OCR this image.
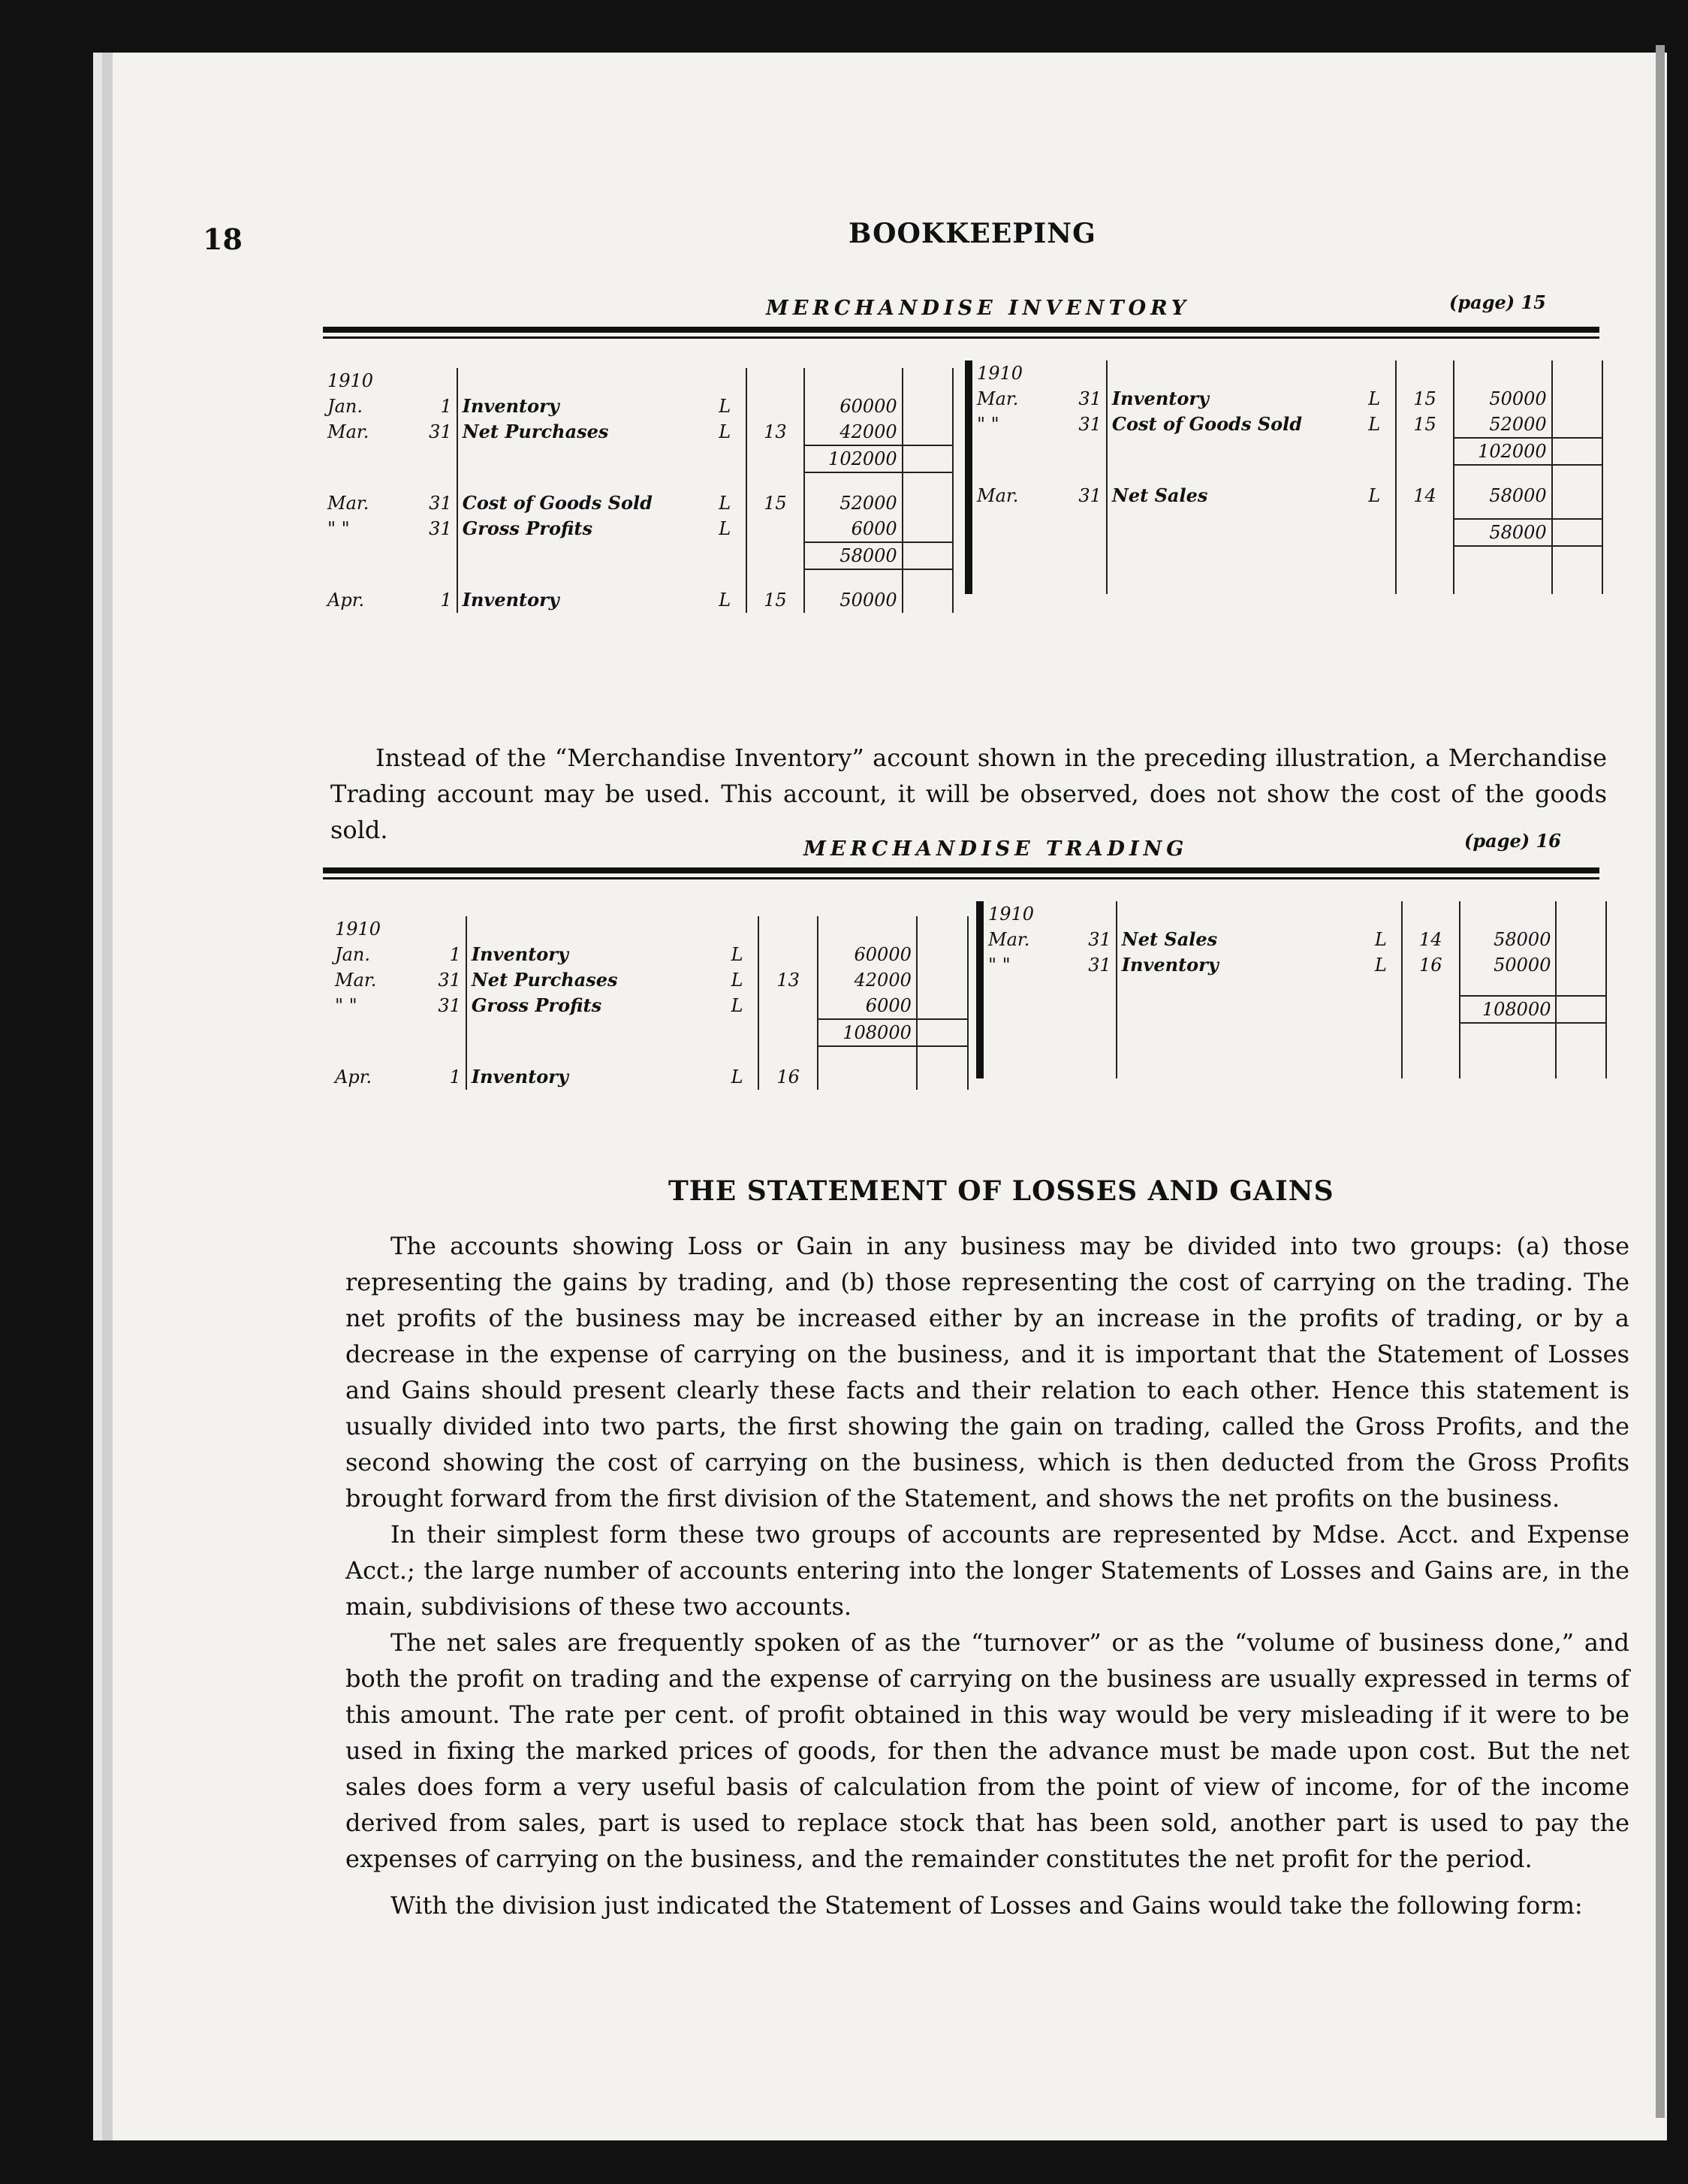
18	BOOKKEEPING
MERCHANDISE INVENTORY	(page) 15
1910						
Jan.	1	Inventory	L		60000	
Mar.	31	Net Purchases	L	13	42000	
					102000	

Mar.	31	Cost of Goods Sold	L	15	52000	
" "	31	Gross Profits	L		6000	
					58000	

Apr.	1	Inventory	L	15	50000	
1910						
Mar.	31	Inventory	L	15	50000	
" "	31	Cost of Goods Sold	L	15	52000	
					102000	

Mar.	31	Net Sales	L	14	58000	

					58000	

Instead of the “Merchandise Inventory” account shown in the preceding illustration, a Merchandise Trading account may be used. This account, it will be observed, does not show the cost of the goods sold.

MERCHANDISE TRADING	(page) 16
1910						
Jan.	1	Inventory	L		60000	
Mar.	31	Net Purchases	L	13	42000	
" "	31	Gross Profits	L		6000	
					108000	

Apr.	1	Inventory	L	16		
1910						
Mar.	31	Net Sales	L	14	58000	
" "	31	Inventory	L	16	50000	

					108000	

THE STATEMENT OF LOSSES AND GAINS

The accounts showing Loss or Gain in any business may be divided into two groups: (a) those representing the gains by trading, and (b) those representing the cost of carrying on the trading. The net profits of the business may be increased either by an increase in the profits of trading, or by a decrease in the expense of carrying on the business, and it is important that the Statement of Losses and Gains should present clearly these facts and their relation to each other. Hence this statement is usually divided into two parts, the first showing the gain on trading, called the Gross Profits, and the second showing the cost of carrying on the business, which is then deducted from the Gross Profits brought forward from the first division of the Statement, and shows the net profits on the business.

In their simplest form these two groups of accounts are represented by Mdse. Acct. and Expense Acct.; the large number of accounts entering into the longer Statements of Losses and Gains are, in the main, subdivisions of these two accounts.

The net sales are frequently spoken of as the “turnover” or as the “volume of business done,” and both the profit on trading and the expense of carrying on the business are usually expressed in terms of this amount. The rate per cent. of profit obtained in this way would be very misleading if it were to be used in fixing the marked prices of goods, for then the advance must be made upon cost. But the net sales does form a very useful basis of calculation from the point of view of income, for of the income derived from sales, part is used to replace stock that has been sold, another part is used to pay the expenses of carrying on the business, and the remainder constitutes the net profit for the period.

With the division just indicated the Statement of Losses and Gains would take the following form:
